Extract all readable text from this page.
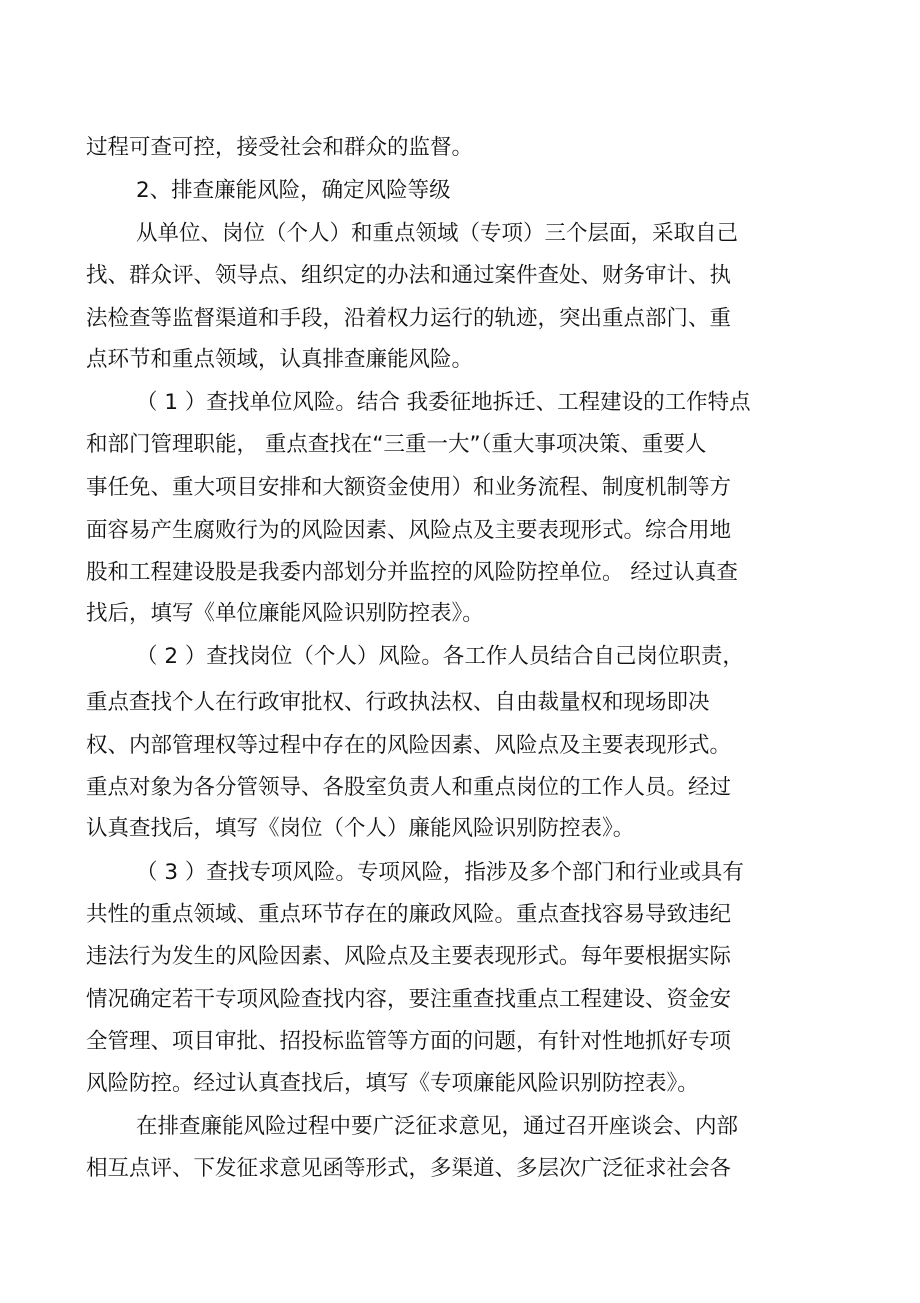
过程可查可控，接受社会和群众的监督。

2、排查廉能风险，确定风险等级

从单位、岗位（个人）和重点领域（专项）三个层面，采取自己

找、群众评、领导点、组织定的办法和通过案件查处、财务审计、执

法检查等监督渠道和手段，沿着权力运行的轨迹，突出重点部门、重

点环节和重点领域，认真排查廉能风险。

（ 1 ）查找单位风险。结合 我委征地拆迁、工程建设的工作特点

和部门管理职能， 重点查找在“三重一大”（重大事项决策、重要人

事任免、重大项目安排和大额资金使用）和业务流程、制度机制等方

面容易产生腐败行为的风险因素、风险点及主要表现形式。综合用地

股和工程建设股是我委内部划分并监控的风险防控单位。 经过认真查

找后，填写《单位廉能风险识别防控表》。

（ 2 ）查找岗位（个人）风险。各工作人员结合自己岗位职责，

重点查找个人在行政审批权、行政执法权、自由裁量权和现场即决

权、内部管理权等过程中存在的风险因素、风险点及主要表现形式。

重点对象为各分管领导、各股室负责人和重点岗位的工作人员。经过

认真查找后，填写《岗位（个人）廉能风险识别防控表》。

（ 3 ）查找专项风险。专项风险，指涉及多个部门和行业或具有

共性的重点领域、重点环节存在的廉政风险。重点查找容易导致违纪

违法行为发生的风险因素、风险点及主要表现形式。每年要根据实际

情况确定若干专项风险查找内容，要注重查找重点工程建设、资金安

全管理、项目审批、招投标监管等方面的问题，有针对性地抓好专项

风险防控。经过认真查找后，填写《专项廉能风险识别防控表》。

在排查廉能风险过程中要广泛征求意见，通过召开座谈会、内部

相互点评、下发征求意见函等形式，多渠道、多层次广泛征求社会各
